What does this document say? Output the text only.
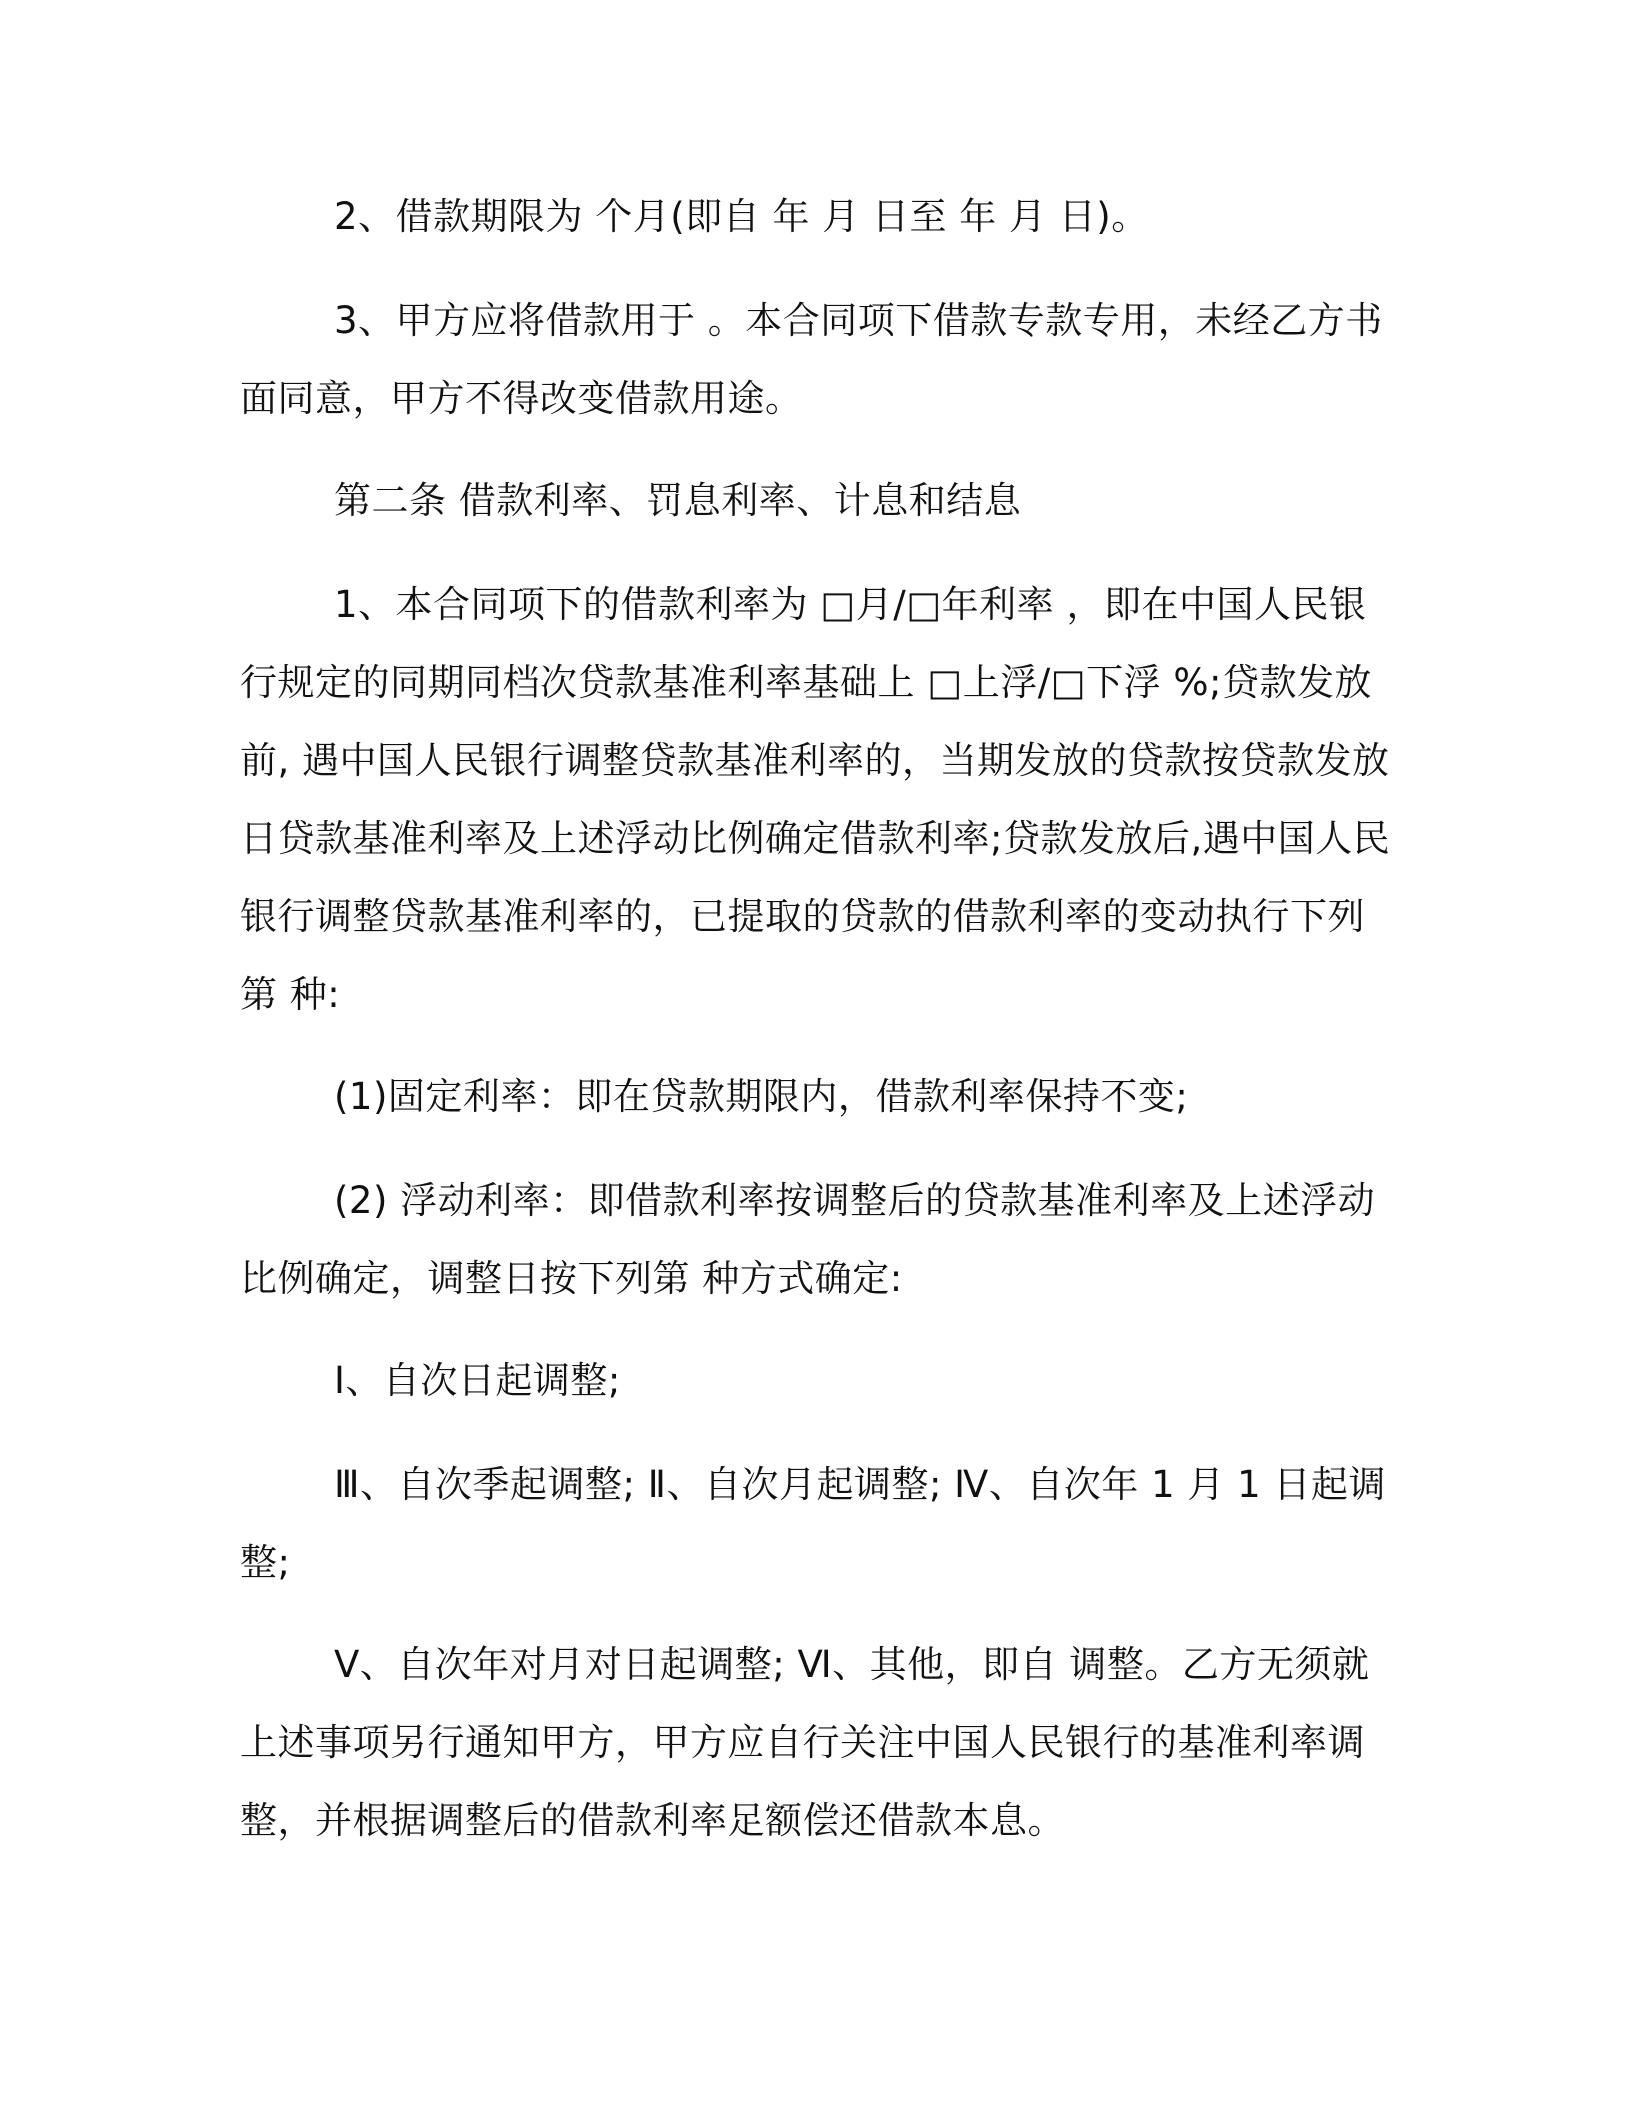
2、借款期限为 个月(即自 年 月 日至 年 月 日)。
3、甲方应将借款用于 。本合同项下借款专款专用，未经乙方书
面同意，甲方不得改变借款用途。
第二条 借款利率、罚息利率、计息和结息
1、本合同项下的借款利率为 □月/□年利率 ，即在中国人民银
行规定的同期同档次贷款基准利率基础上 □上浮/□下浮 %;贷款发放
前, 遇中国人民银行调整贷款基准利率的，当期发放的贷款按贷款发放
日贷款基准利率及上述浮动比例确定借款利率;贷款发放后,遇中国人民
银行调整贷款基准利率的，已提取的贷款的借款利率的变动执行下列
第 种:
(1)固定利率：即在贷款期限内，借款利率保持不变;
(2) 浮动利率：即借款利率按调整后的贷款基准利率及上述浮动
比例确定，调整日按下列第 种方式确定:
Ⅰ、自次日起调整;
Ⅲ、自次季起调整; Ⅱ、自次月起调整; Ⅳ、自次年 1 月 1 日起调
整;
Ⅴ、自次年对月对日起调整; Ⅵ、其他，即自 调整。乙方无须就
上述事项另行通知甲方，甲方应自行关注中国人民银行的基准利率调
整，并根据调整后的借款利率足额偿还借款本息。
